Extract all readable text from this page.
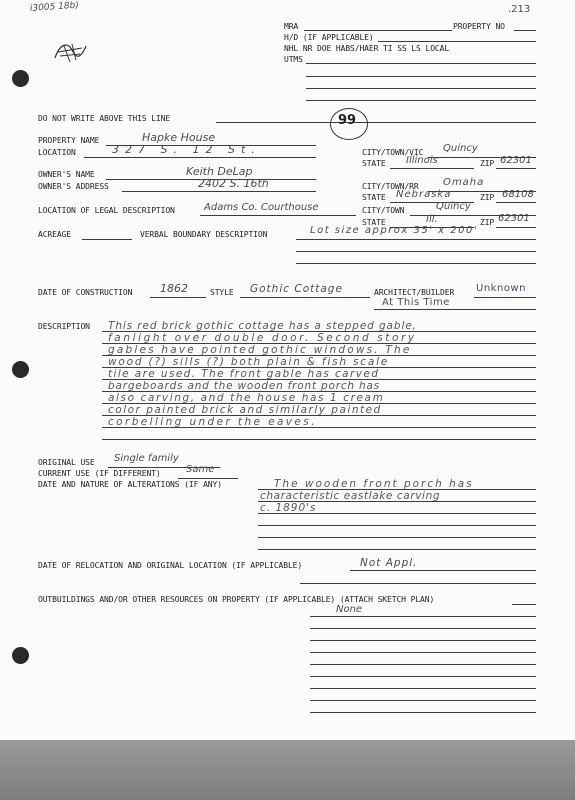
i3005 18b)	.213
MRA	PROPERTY NO
H/D (IF APPLICABLE)
NHL NR DOE HABS/HAER TI SS LS LOCAL
UTMS
DO NOT WRITE ABOVE THIS LINE	99
PROPERTY NAME	Hapke House
LOCATION	327 S. 12 St.	CITY/TOWN/VIC Quincy
STATE Illinois	ZIP 62301
OWNER'S NAME	Keith DeLap
OWNER'S ADDRESS	2402 S. 16th	CITY/TOWN/RR Omaha
STATE Nebraska	ZIP 68108
LOCATION OF LEGAL DESCRIPTION	Adams Co. Courthouse	CITY/TOWN	Quincy
STATE	Ill.	ZIP 62301
ACREAGE	VERBAL BOUNDARY DESCRIPTION	Lot size approx 35' x 200'
DATE OF CONSTRUCTION	1862	STYLE Gothic Cottage	ARCHITECT/BUILDER Unknown
At This Time
DESCRIPTION This red brick gothic cottage has a stepped gable,
fanlight over double door. Second story
gables have pointed gothic windows. The
wood (?) sills (?) both plain & fish scale
tile are used. The front gable has carved
bargeboards and the wooden front porch has
also carving, and the house has 1 cream
color painted brick and similarly painted
corbelling under the eaves.
ORIGINAL USE Single family
CURRENT USE (IF DIFFERENT)	Same
DATE AND NATURE OF ALTERATIONS (IF ANY)	The wooden front porch has
characteristic eastlake carving
c. 1890's
DATE OF RELOCATION AND ORIGINAL LOCATION (IF APPLICABLE)	Not Appl.
OUTBUILDINGS AND/OR OTHER RESOURCES ON PROPERTY (IF APPLICABLE) (ATTACH SKETCH PLAN)
None
